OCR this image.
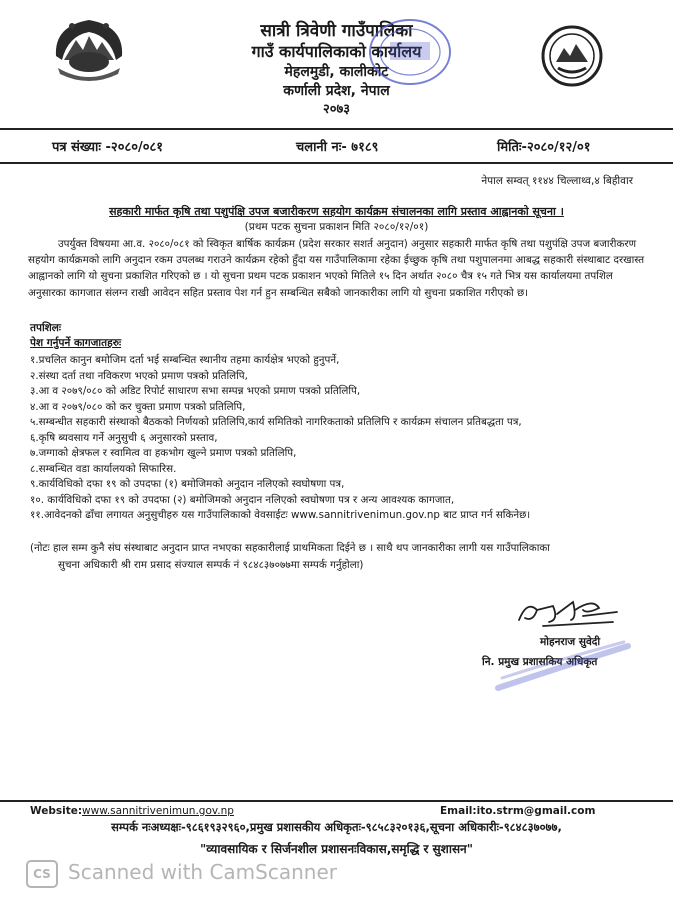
सात्री त्रिवेणी गाउँपालिका
गाउँ कार्यपालिकाको कार्यालय
मेहलमुडी, कालीकोट
कर्णाली प्रदेश, नेपाल
२०७३
पत्र संख्याः -२०८०/०८१	चलानी नः- ७१८९	मितिः-२०८०/१२/०१
नेपाल सम्वत् ११४४ चिल्लाथ्व,४ बिहीवार
सहकारी मार्फत कृषि तथा पशुपंक्षि उपज बजारीकरण सहयोग कार्यक्रम संचालनका लागि प्रस्ताव आह्वानको सूचना ।
(प्रथम पटक सुचना प्रकाशन मिति २०८०/१२/०१)
उपर्युक्त विषयमा आ.व. २०८०/०८१ को स्विकृत बार्षिक कार्यक्रम (प्रदेश सरकार सशर्त अनुदान) अनुसार सहकारी मार्फत कृषि तथा पशुपंक्षि उपज बजारीकरण सहयोग कार्यक्रमको लागि अनुदान रकम उपलब्ध गराउने कार्यक्रम रहेको हुँदा यस गाउँपालिकामा रहेका ईच्छुक कृषि तथा पशुपालनमा आबद्ध सहकारी संस्थाबाट दरखास्त आह्वानको लागि यो सुचना प्रकाशित गरिएको छ । यो सुचना प्रथम पटक प्रकाशन भएको मितिले १५ दिन अर्थात २०८० चैत्र १५ गते भित्र यस कार्यालयमा तपशिल अनुसारका कागजात संलग्न राखी आवेदन सहित प्रस्ताव पेश गर्न हुन सम्बन्धित सबैको जानकारीका लागि यो सुचना प्रकाशित गरीएको छ।
तपशिलः
पेश गर्नुपर्ने कागजातहरुः
१.प्रचलित कानुन बमोजिम दर्ता भई सम्बन्धित स्थानीय तहमा कार्यक्षेत्र भएको हुनुपर्ने,
२.संस्था दर्ता तथा नविकरण भएको प्रमाण पत्रको प्रतिलिपि,
३.आ व २०७९/०८० को अडिट रिपोर्ट साधारण सभा सम्पन्न भएको प्रमाण पत्रको प्रतिलिपि,
४.आ व २०७९/०८० को कर चुक्ता प्रमाण पत्रको प्रतिलिपि,
५.सम्बन्धीत सहकारी संस्थाको बैठकको निर्णयको प्रतिलिपि,कार्य समितिको नागरिकताको प्रतिलिपि र कार्यक्रम संचालन प्रतिबद्धता पत्र,
६.कृषि ब्यवसाय गर्ने अनुसुची ६ अनुसारको प्रस्ताव,
७.जग्गाको क्षेत्रफल र स्वामित्व वा हकभोग खुल्ने प्रमाण पत्रको प्रतिलिपि,
८.सम्बन्धित वडा कार्यालयको सिफारिस.
९.कार्यविधिको दफा १९ को उपदफा (१) बमोजिमको अनुदान नलिएको स्वघोषणा पत्र,
१०. कार्यविधिको दफा १९ को उपदफा (२) बमोजिमको अनुदान नलिएको स्वघोषणा पत्र र अन्य आवश्यक कागजात,
११.आवेदनको ढाँचा लगायत अनुसुचीहरु यस गाउँपालिकाको वेवसाईटः www.sannitrivenimun.gov.np बाट प्राप्त गर्न सकिनेछ।
(नोटः हाल सम्म कुनै संघ संस्थाबाट अनुदान प्राप्त नभएका सहकारीलाई प्राथमिकता दिईने छ । साथै थप जानकारीका लागी यस गाउँपालिकाका
सुचना अधिकारी श्री राम प्रसाद संज्याल सम्पर्क नं ९८४८३७०७७मा सम्पर्क गर्नुहोला)
मोहनराज सुवेदी
नि. प्रमुख प्रशासकिय अधिकृत
Website:www.sannitrivenimun.gov.np	Email:ito.strm@gmail.com
सम्पर्क नःअध्यक्षः-९८६१९३२९६०,प्रमुख प्रशासकीय अधिकृतः-९८५८३२०१३६,सूचना अधिकारीः-९८४८३७०७७,
"व्यावसायिक र सिर्जनशील प्रशासनःविकास,समृद्धि र सुशासन"
CS Scanned with CamScanner
